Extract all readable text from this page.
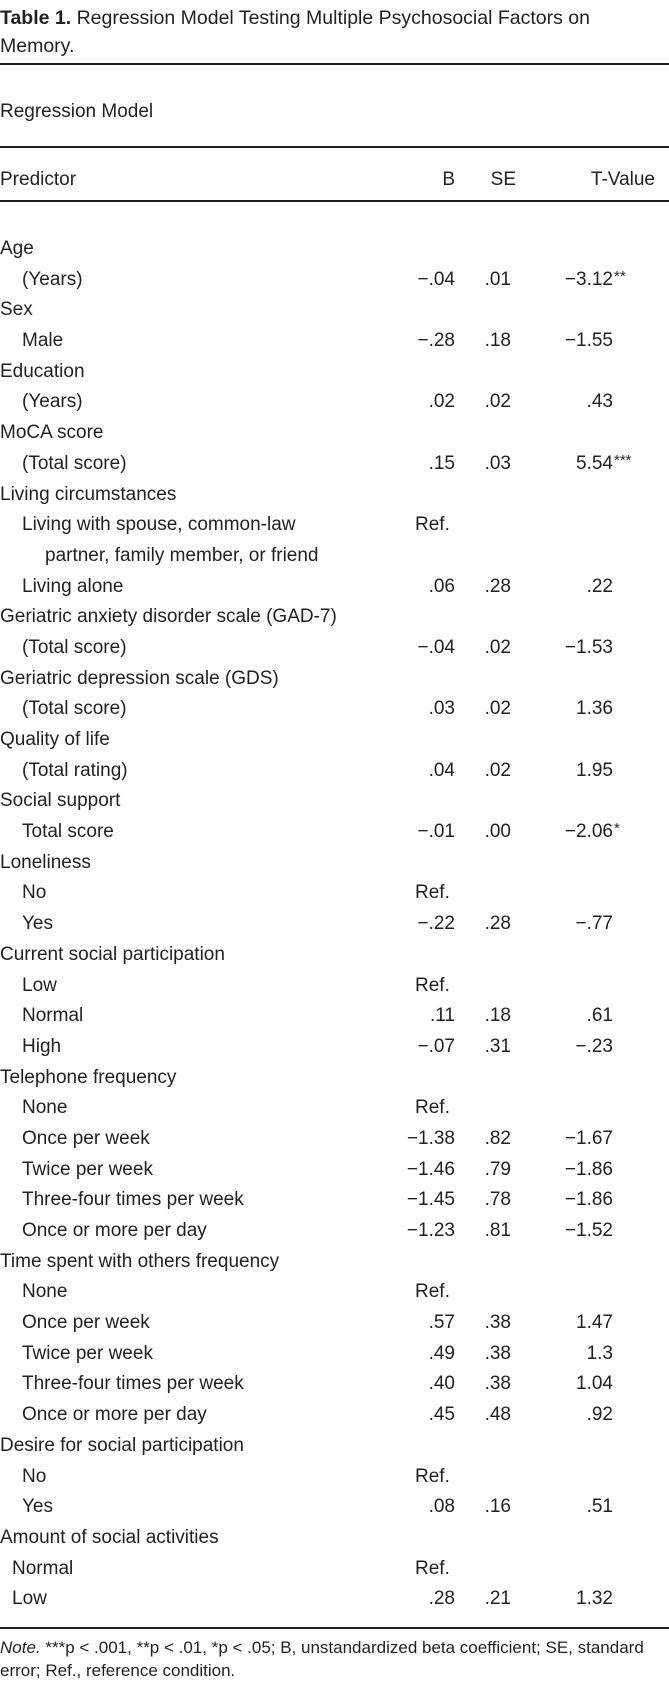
Table 1. Regression Model Testing Multiple Psychosocial Factors on Memory.
Regression Model
Predictor	B SE	T-Value
Age
(Years)	−.04 .01	−3.12 **
Sex
Male	−.28 .18	−1.55
Education
(Years)	.02 .02	.43
MoCA score
(Total score)	.15 .03	5.54 ***
Living circumstances
Living with spouse, common-law	Ref.
partner, family member, or friend
Living alone	.06 .28	.22
Geriatric anxiety disorder scale (GAD-7)
(Total score)	−.04 .02	−1.53
Geriatric depression scale (GDS)
(Total score)	.03 .02	1.36
Quality of life
(Total rating)	.04 .02	1.95
Social support
Total score	−.01 .00	−2.06 *
Loneliness
No	Ref.
Yes	−.22 .28	−.77
Current social participation
Low	Ref.
Normal	.11 .18	.61
High	−.07 .31	−.23
Telephone frequency
None	Ref.
Once per week	−1.38 .82	−1.67
Twice per week	−1.46 .79	−1.86
Three-four times per week	−1.45 .78	−1.86
Once or more per day	−1.23 .81	−1.52
Time spent with others frequency
None	Ref.
Once per week	.57 .38	1.47
Twice per week	.49 .38	1.3
Three-four times per week	.40 .38	1.04
Once or more per day	.45 .48	.92
Desire for social participation
No	Ref.
Yes	.08 .16	.51
Amount of social activities
Normal	Ref.
Low	.28 .21	1.32
Note. ***p < .001, **p < .01, *p < .05; B, unstandardized beta coefficient; SE, standard error; Ref., reference condition.
